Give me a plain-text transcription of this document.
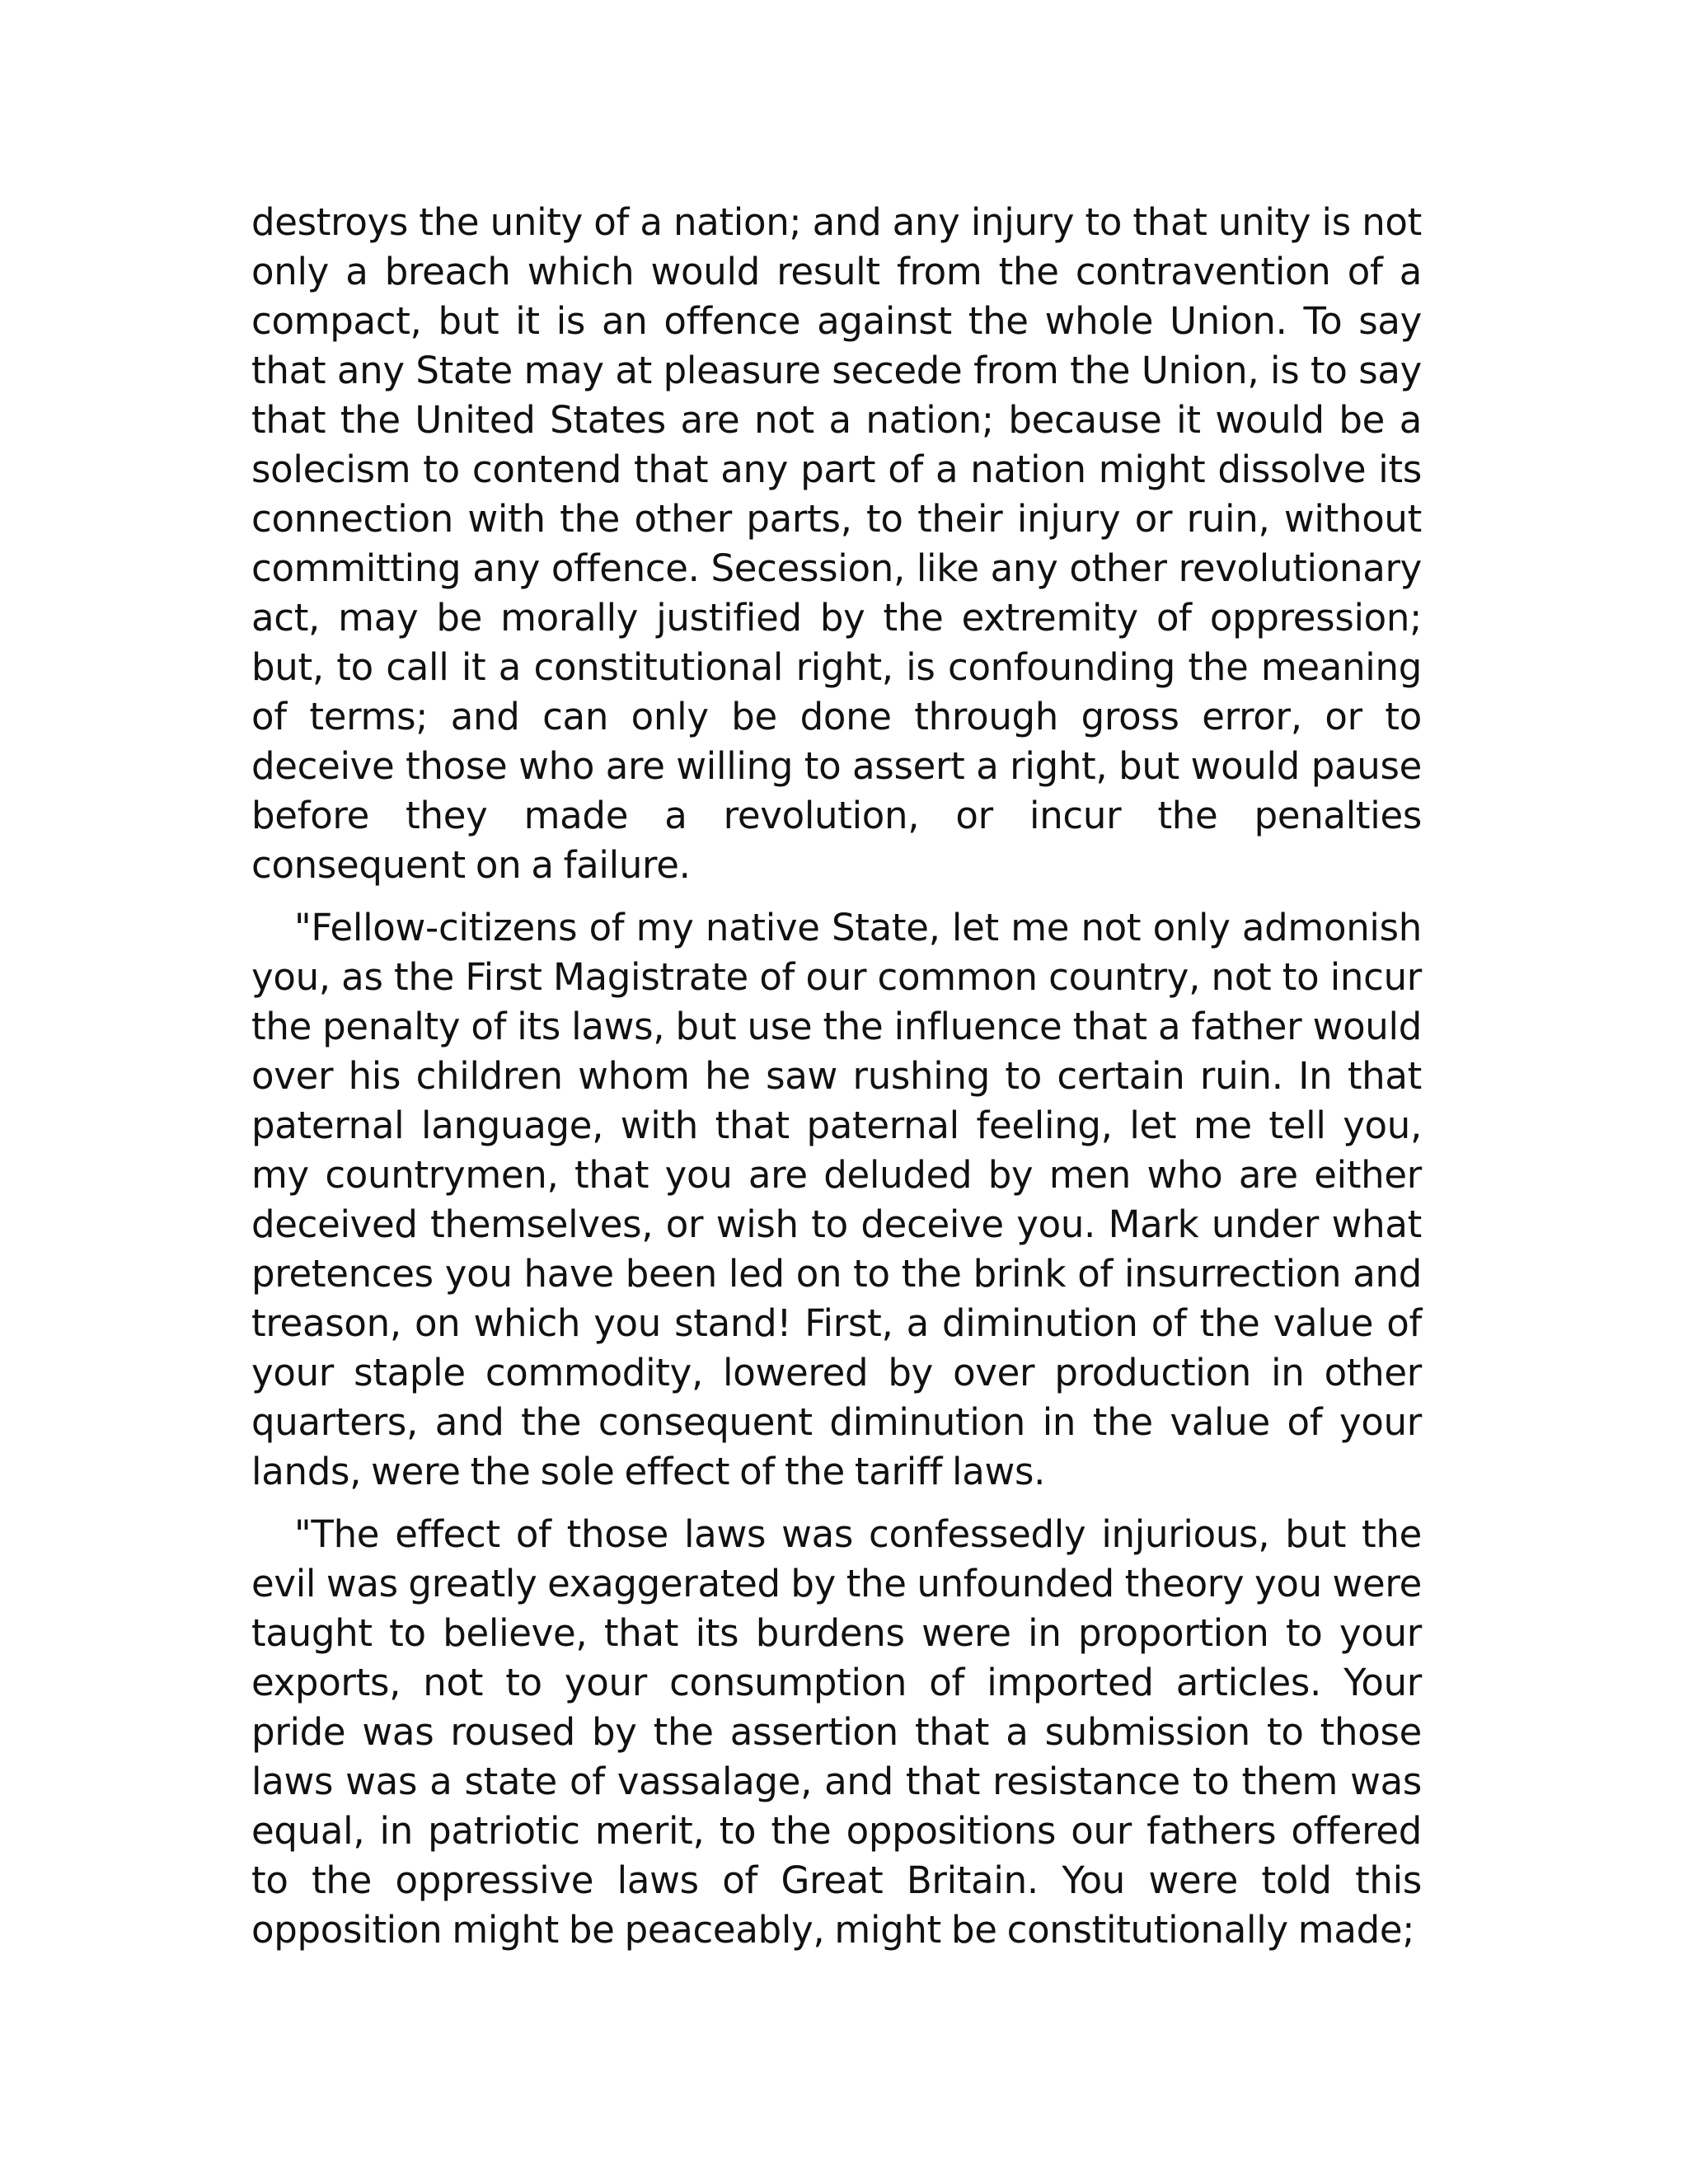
destroys the unity of a nation; and any injury to that unity is not only a breach which would result from the contravention of a compact, but it is an offence against the whole Union. To say that any State may at pleasure secede from the Union, is to say that the United States are not a nation; because it would be a solecism to contend that any part of a nation might dissolve its connection with the other parts, to their injury or ruin, without committing any offence. Secession, like any other revolutionary act, may be morally justified by the extremity of oppression; but, to call it a constitutional right, is confounding the meaning of terms; and can only be done through gross error, or to deceive those who are willing to assert a right, but would pause before they made a revolution, or incur the penalties consequent on a failure.

"Fellow-citizens of my native State, let me not only admonish you, as the First Magistrate of our common country, not to incur the penalty of its laws, but use the influence that a father would over his children whom he saw rushing to certain ruin. In that paternal language, with that paternal feeling, let me tell you, my countrymen, that you are deluded by men who are either deceived themselves, or wish to deceive you. Mark under what pretences you have been led on to the brink of insurrection and treason, on which you stand! First, a diminution of the value of your staple commodity, lowered by over production in other quarters, and the consequent diminution in the value of your lands, were the sole effect of the tariff laws.

"The effect of those laws was confessedly injurious, but the evil was greatly exaggerated by the unfounded theory you were taught to believe, that its burdens were in proportion to your exports, not to your consumption of imported articles. Your pride was roused by the assertion that a submission to those laws was a state of vassalage, and that resistance to them was equal, in patriotic merit, to the oppositions our fathers offered to the oppressive laws of Great Britain. You were told this opposition might be peaceably, might be constitutionally made;
